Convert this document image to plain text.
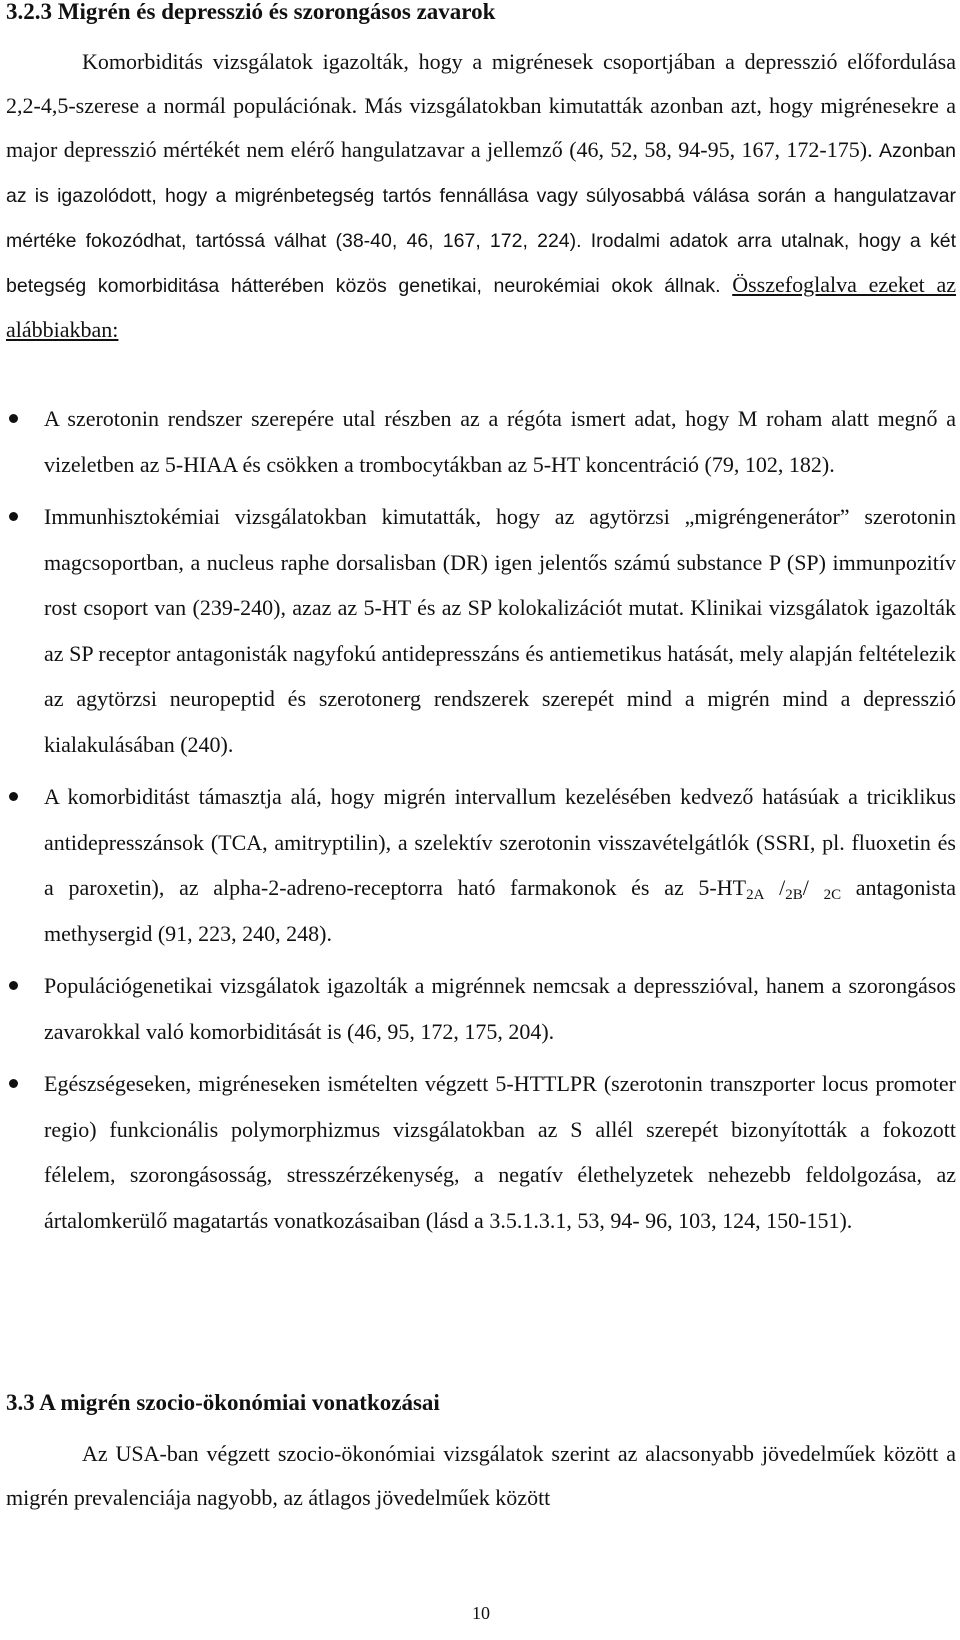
3.2.3 Migrén és depresszió és szorongásos zavarok

Komorbiditás vizsgálatok igazolták, hogy a migrénesek csoportjában a depresszió előfordulása 2,2-4,5-szerese a normál populációnak. Más vizsgálatokban kimutatták azonban azt, hogy migrénesekre a major depresszió mértékét nem elérő hangulatzavar a jellemző (46, 52, 58, 94-95, 167, 172-175). Azonban az is igazolódott, hogy a migrénbetegség tartós fennállása vagy súlyosabbá válása során a hangulatzavar mértéke fokozódhat, tartóssá válhat (38-40, 46, 167, 172, 224). Irodalmi adatok arra utalnak, hogy a két betegség komorbiditása hátterében közös genetikai, neurokémiai okok állnak. Összefoglalva ezeket az alábbiakban:

A szerotonin rendszer szerepére utal részben az a régóta ismert adat, hogy M roham alatt megnő a vizeletben az 5-HIAA és csökken a trombocytákban az 5-HT koncentráció (79, 102, 182).
Immunhisztokémiai vizsgálatokban kimutatták, hogy az agytörzsi „migréngenerátor” szerotonin magcsoportban, a nucleus raphe dorsalisban (DR) igen jelentős számú substance P (SP) immunpozitív rost csoport van (239-240), azaz az 5-HT és az SP kolokalizációt mutat. Klinikai vizsgálatok igazolták az SP receptor antagonisták nagyfokú antidepresszáns és antiemetikus hatását, mely alapján feltételezik az agytörzsi neuropeptid és szerotonerg rendszerek szerepét mind a migrén mind a depresszió kialakulásában (240).
A komorbiditást támasztja alá, hogy migrén intervallum kezelésében kedvező hatásúak a triciklikus antidepresszánsok (TCA, amitryptilin), a szelektív szerotonin visszavételgátlók (SSRI, pl. fluoxetin és a paroxetin), az alpha-2-adreno-receptorra ható farmakonok és az $5-HT_{2A}$ $/_{2B}/$ $_{2C}$ antagonista methysergid (91, 223, 240, 248).
Populációgenetikai vizsgálatok igazolták a migrénnek nemcsak a depresszióval, hanem a szorongásos zavarokkal való komorbiditását is (46, 95, 172, 175, 204).
Egészségeseken, migréneseken ismételten végzett 5-HTTLPR (szerotonin transzporter locus promoter regio) funkcionális polymorphizmus vizsgálatokban az S allél szerepét bizonyították a fokozott félelem, szorongásosság, stresszérzékenység, a negatív élethelyzetek nehezebb feldolgozása, az ártalomkerülő magatartás vonatkozásaiban (lásd a 3.5.1.3.1, 53, 94- 96, 103, 124, 150-151).
3.3 A migrén szocio-ökonómiai vonatkozásai

Az USA-ban végzett szocio-ökonómiai vizsgálatok szerint az alacsonyabb jövedelműek között a migrén prevalenciája nagyobb, az átlagos jövedelműek között

10
